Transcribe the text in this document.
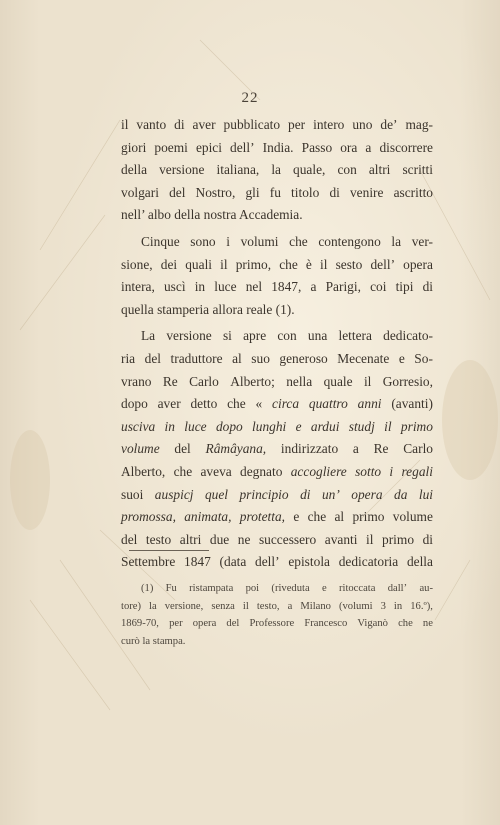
22
il vanto di aver pubblicato per intero uno de’ mag-
giori poemi epici dell’ India. Passo ora a discorrere
della versione italiana, la quale, con altri scritti
volgari del Nostro, gli fu titolo di venire ascritto
nell’ albo della nostra Accademia.
Cinque sono i volumi che contengono la ver-
sione, dei quali il primo, che è il sesto dell’ opera
intera, uscì in luce nel 1847, a Parigi, coi tipi di
quella stamperia allora reale (1).
La versione si apre con una lettera dedicato-
ria del traduttore al suo generoso Mecenate e So-
vrano Re Carlo Alberto; nella quale il Gorresio,
dopo aver detto che « circa quattro anni (avanti)
usciva in luce dopo lunghi e ardui studj il primo
volume del Râmâyana, indirizzato a Re Carlo
Alberto, che aveva degnato accogliere sotto i regali
suoi auspicj quel principio di un’ opera da lui
promossa, animata, protetta, e che al primo volume
del testo altri due ne successero avanti il primo di
Settembre 1847 (data dell’ epistola dedicatoria della
(1) Fu ristampata poi (riveduta e ritoccata dall’ au-
tore) la versione, senza il testo, a Milano (volumi 3 in 16.º),
1869-70, per opera del Professore Francesco Viganò che ne
curò la stampa.
